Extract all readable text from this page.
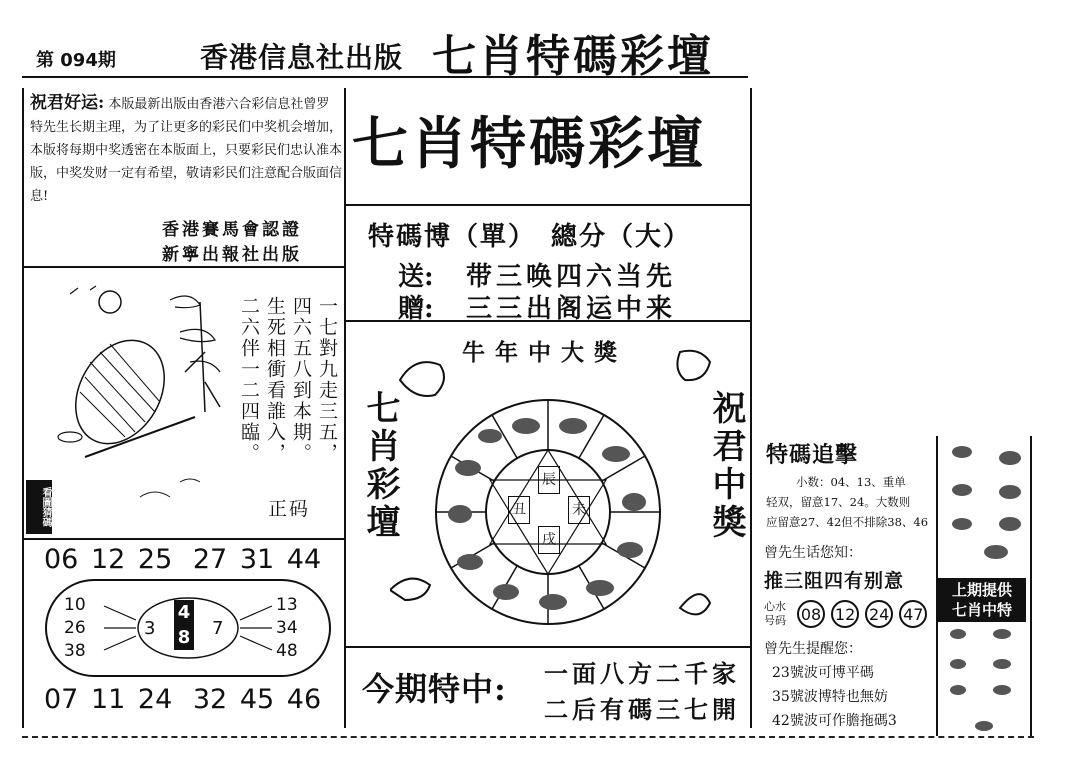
第 094期	香港信息社出版 七肖特碼彩壇
祝君好运: 本版最新出版由香港六合彩信息社曾罗特先生长期主理，为了让更多的彩民们中奖机会增加，本版将每期中奖透密在本版面上，只要彩民们忠认准本版，中奖发财一定有希望，敬请彩民们注意配合版面信息!
香港賽馬會認證
新寧出報社出版
二六伴一二四臨。 生死相衝看誰入， 四六五八到本期。 一七對九走三五，
正码
看圖猜碼
06 12 25 27 31 44
10
26
38
3
4
8 7
13
34
48
07 11 24 32 45 46
七肖特碼彩壇
特碼博（單）　總分（大）
送: 带三唤四六当先
贈: 三三出阁运中来
牛年中大獎
七肖彩壇	祝君中獎
辰
丑	未
戌
今期特中: 一面八方二千家
二后有碼三七開
特碼追擊
小数：04、13、重单
轻双，留意17、24。大数则
应留意27、42但不排除38、46
曾先生话您知：
推三阻四有别意
心水
号码 08 12 24 47
曾先生提醒您：
23號波可博平碼
35號波博特也無妨
42號波可作膽拖碼3
上期提供
七肖中特
